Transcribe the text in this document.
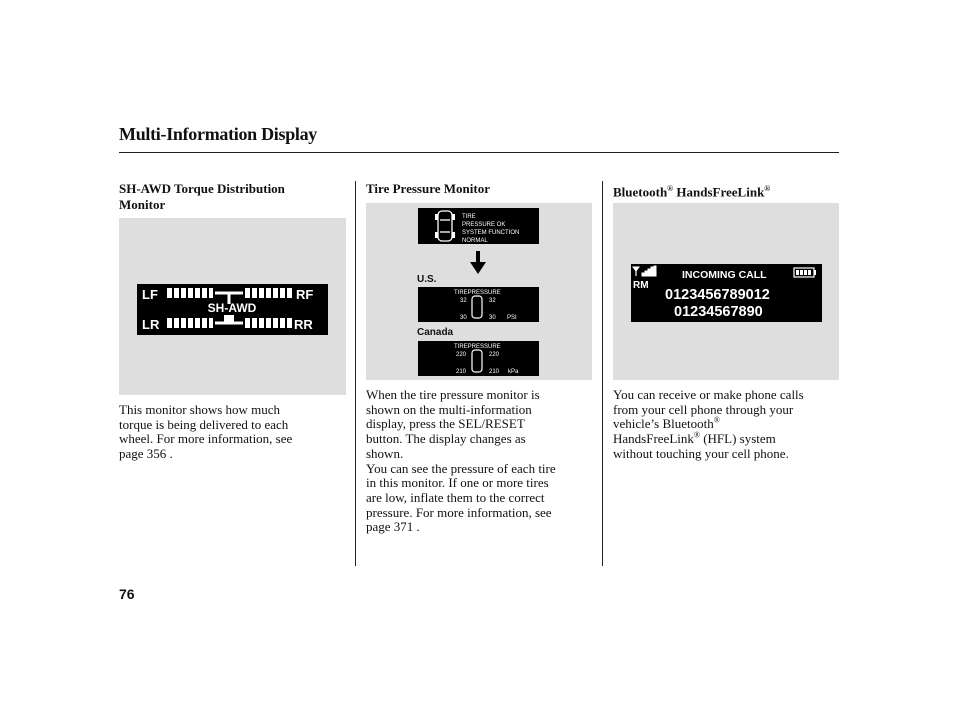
Multi-Information Display
SH-AWD Torque Distribution
Monitor
LF	RF
LR	RR
SH-AWD
This monitor shows how much
torque is being delivered to each
wheel. For more information, see
page 356 .
Tire Pressure Monitor
TIRE
PRESSURE OK
SYSTEM FUNCTION
NORMAL
U.S.
TIREPRESSURE
32	32
30	30 PSI
Canada
TIREPRESSURE
220	220
210	210 kPa
When the tire pressure monitor is
shown on the multi-information
display, press the SEL/RESET
button. The display changes as
shown.
You can see the pressure of each tire
in this monitor. If one or more tires
are low, inflate them to the correct
pressure. For more information, see
page 371 .
Bluetooth® HandsFreeLink®
INCOMING CALL
RM
0123456789012
01234567890
You can receive or make phone calls
from your cell phone through your
vehicle’s Bluetooth®
HandsFreeLink® (HFL) system
without touching your cell phone.
76
